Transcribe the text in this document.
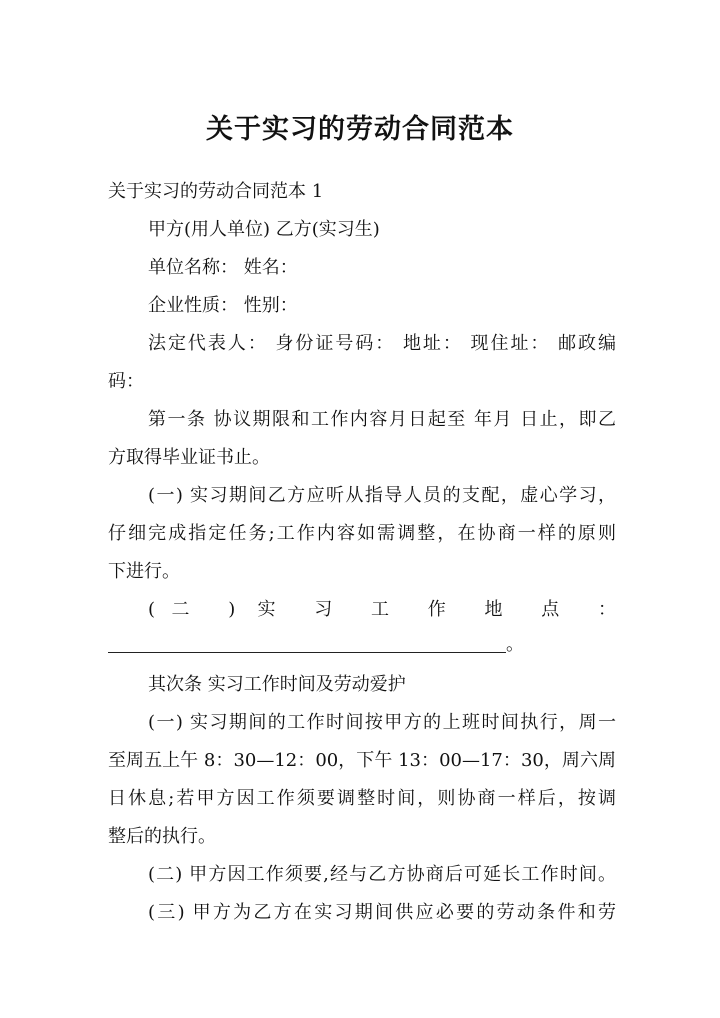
关于实习的劳动合同范本
关于实习的劳动合同范本 1
甲方(用人单位) 乙方(实习生)
单位名称： 姓名：
企业性质： 性别：
法定代表人： 身份证号码： 地址： 现住址： 邮政编
码：
第一条 协议期限和工作内容月日起至 年月 日止，即乙
方取得毕业证书止。
(一) 实习期间乙方应听从指导人员的支配，虚心学习，
仔细完成指定任务;工作内容如需调整，在协商一样的原则
下进行。
(二 ) 实 习 工 作 地 点 ：
。
其次条 实习工作时间及劳动爱护
(一) 实习期间的工作时间按甲方的上班时间执行，周一
至周五上午 8：30—12：00，下午 13：00—17：30，周六周
日休息;若甲方因工作须要调整时间，则协商一样后，按调
整后的执行。
(二) 甲方因工作须要,经与乙方协商后可延长工作时间。
(三) 甲方为乙方在实习期间供应必要的劳动条件和劳
